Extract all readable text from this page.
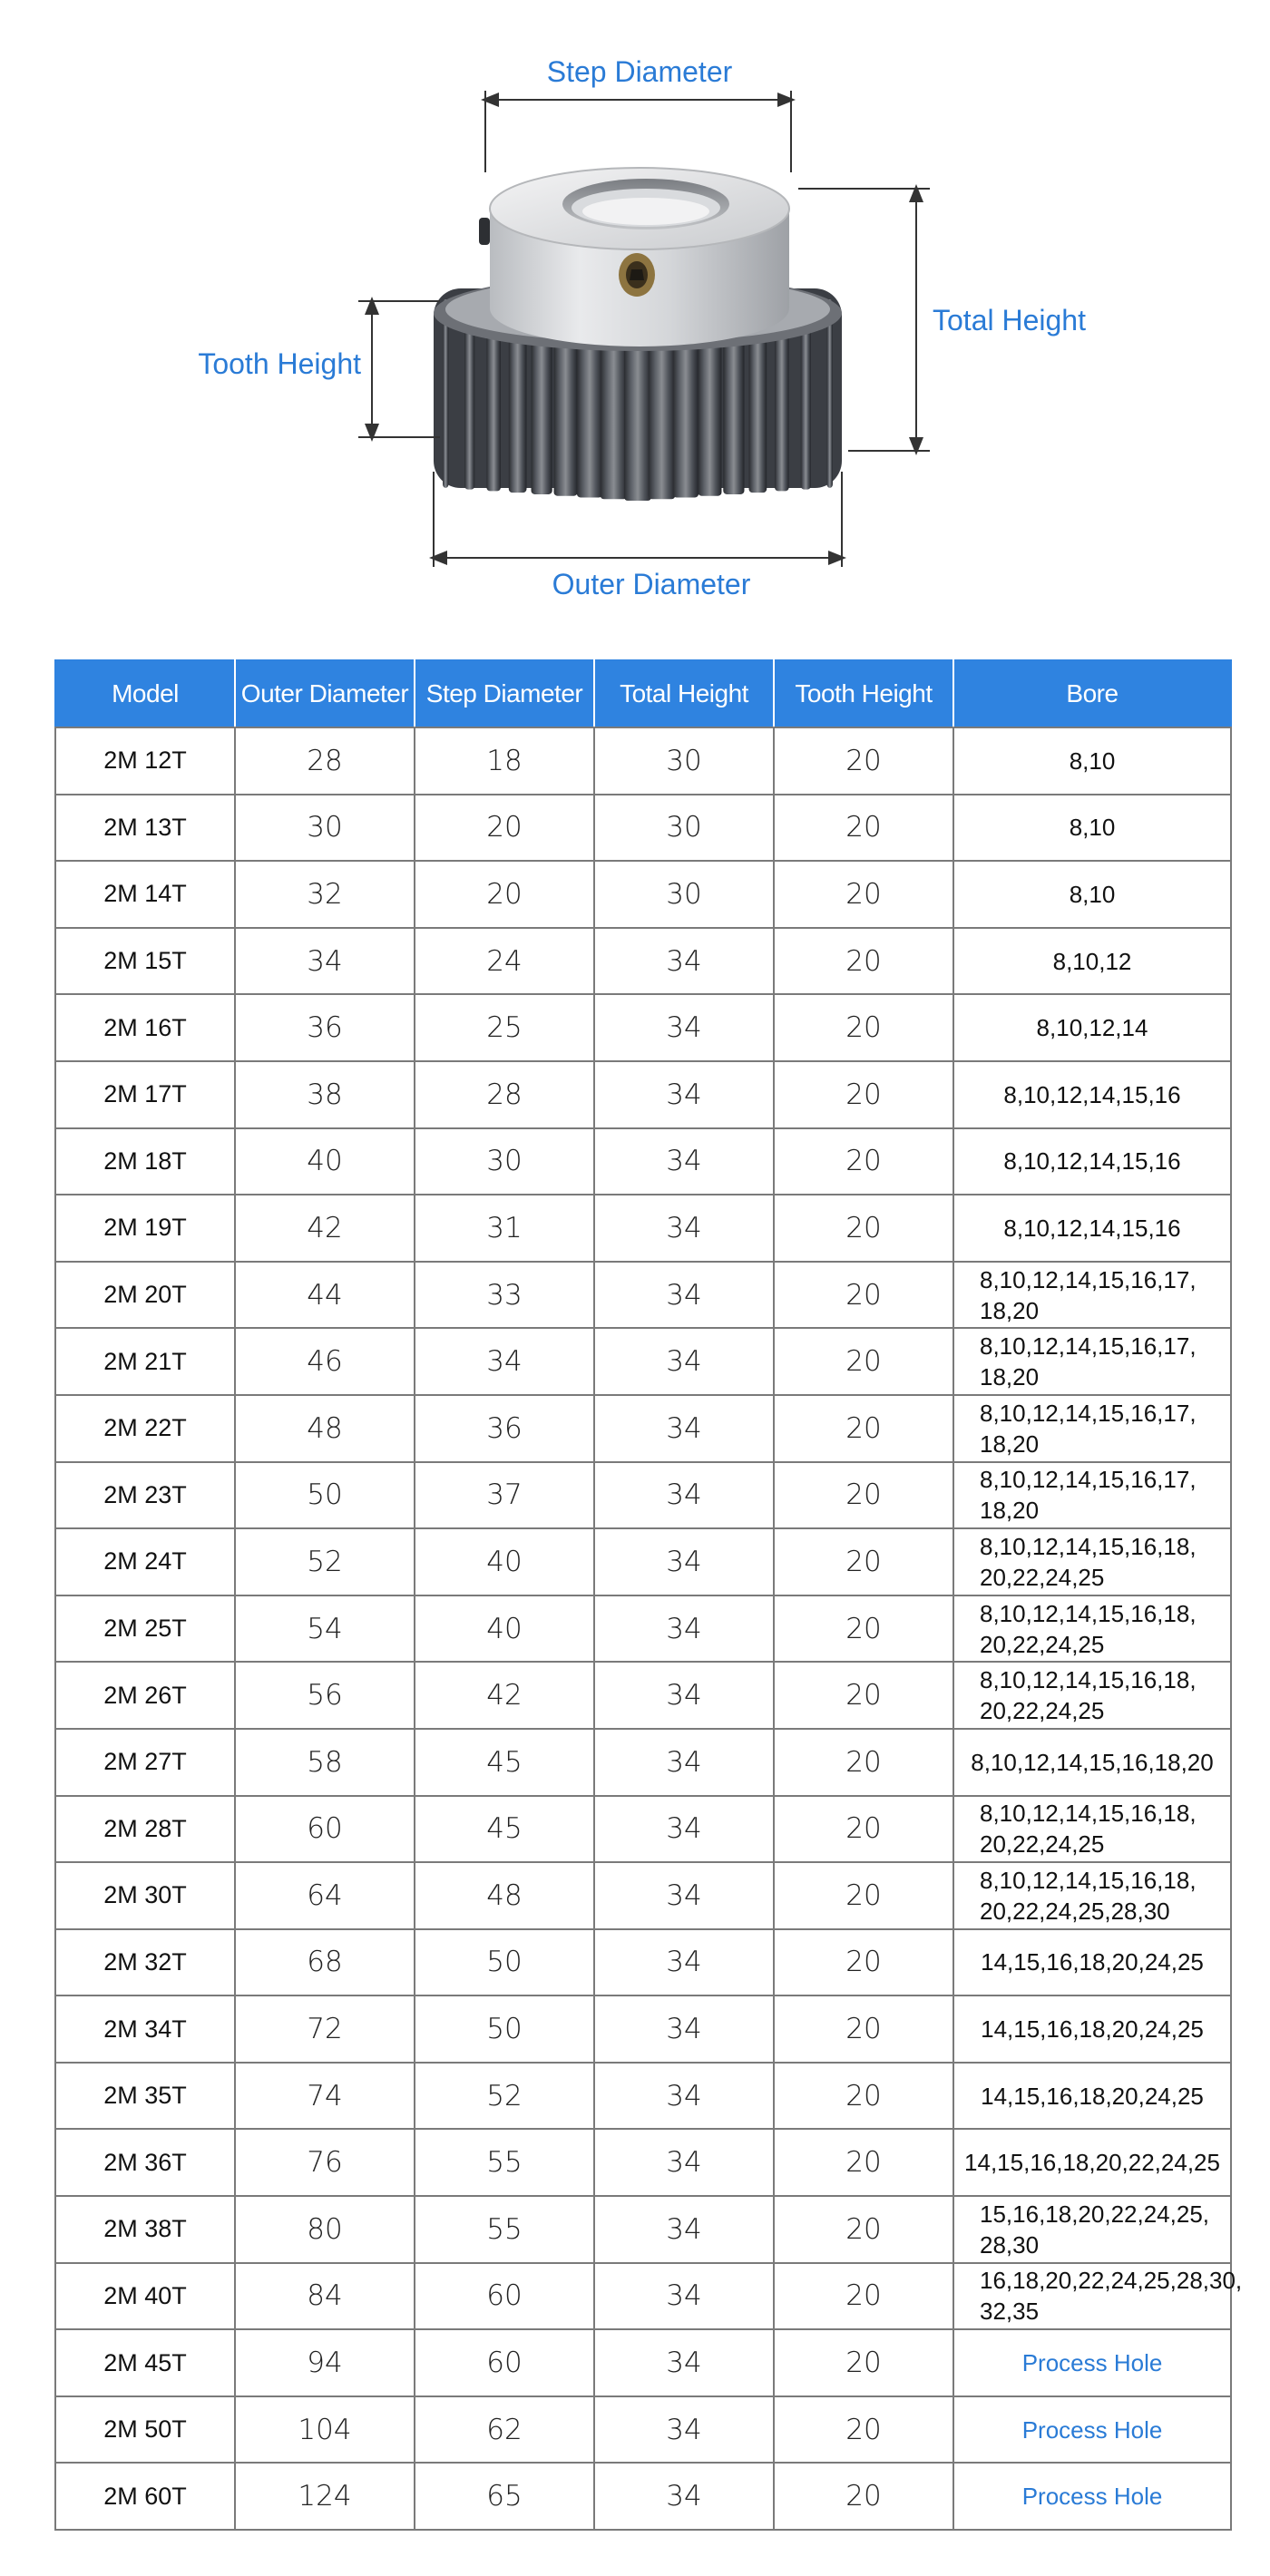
Step Diameter
Total Height
Tooth Height
Outer Diameter
Model	Outer Diameter	Step Diameter	Total Height	Tooth Height	Bore
2M 12T	28	18	30	20	8,10

2M 13T	30	20	30	20	8,10

2M 14T	32	20	30	20	8,10

2M 15T	34	24	34	20	8,10,12

2M 16T	36	25	34	20	8,10,12,14

2M 17T	38	28	34	20	8,10,12,14,15,16

2M 18T	40	30	34	20	8,10,12,14,15,16

2M 19T	42	31	34	20	8,10,12,14,15,16

2M 20T	44	33	34	20	8,10,12,14,15,16,17,
18,20

2M 21T	46	34	34	20	8,10,12,14,15,16,17,
18,20

2M 22T	48	36	34	20	8,10,12,14,15,16,17,
18,20

2M 23T	50	37	34	20	8,10,12,14,15,16,17,
18,20

2M 24T	52	40	34	20	8,10,12,14,15,16,18,
20,22,24,25

2M 25T	54	40	34	20	8,10,12,14,15,16,18,
20,22,24,25

2M 26T	56	42	34	20	8,10,12,14,15,16,18,
20,22,24,25

2M 27T	58	45	34	20	8,10,12,14,15,16,18,20

2M 28T	60	45	34	20	8,10,12,14,15,16,18,
20,22,24,25

2M 30T	64	48	34	20	8,10,12,14,15,16,18,
20,22,24,25,28,30

2M 32T	68	50	34	20	14,15,16,18,20,24,25

2M 34T	72	50	34	20	14,15,16,18,20,24,25

2M 35T	74	52	34	20	14,15,16,18,20,24,25

2M 36T	76	55	34	20	14,15,16,18,20,22,24,25

2M 38T	80	55	34	20	15,16,18,20,22,24,25,
28,30

2M 40T	84	60	34	20	16,18,20,22,24,25,28,30,
32,35

2M 45T	94	60	34	20	Process Hole

2M 50T	104	62	34	20	Process Hole

2M 60T	124	65	34	20	Process Hole
